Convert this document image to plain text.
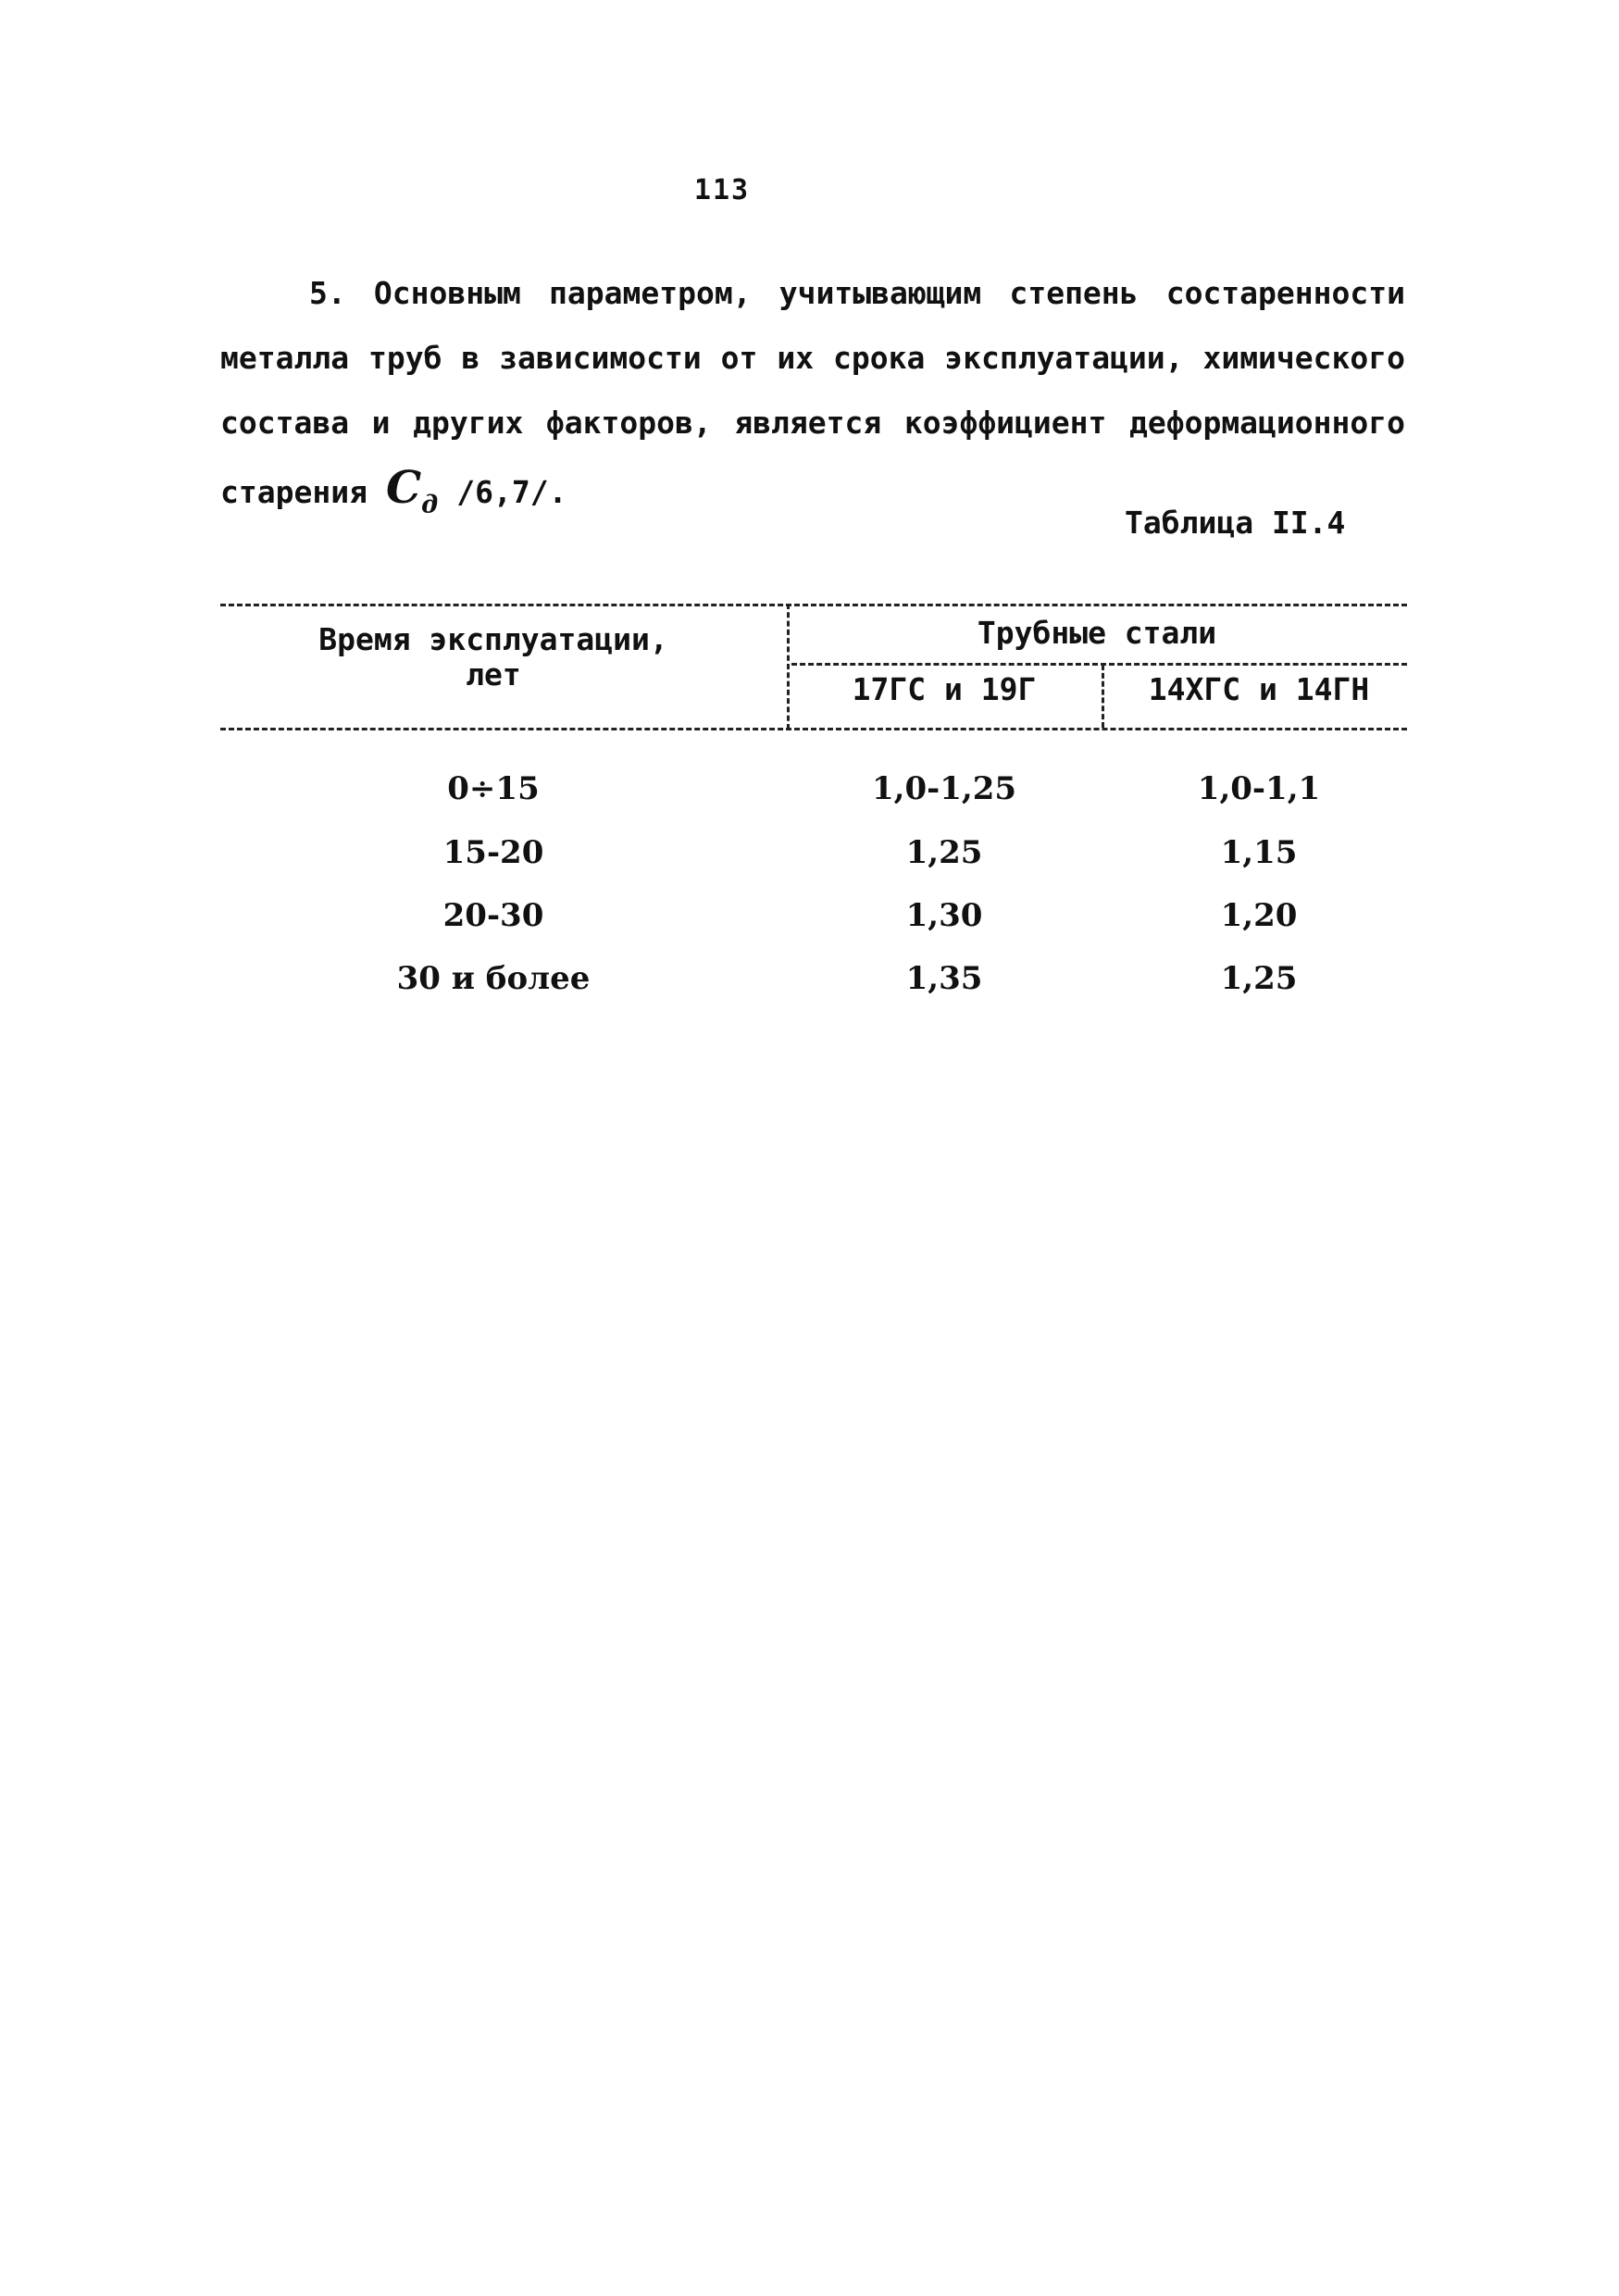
113
5. Основным параметром, учитывающим степень состаренности
металла труб в зависимости от их срока эксплуатации, химического
состава и других факторов, является коэффициент деформационного
старения $C_д$ /6,7/.
Таблица II.4
Время эксплуатации,
лет
Трубные стали
17ГС и 19Г	14ХГС и 14ГН
0÷15	1,0-1,25	1,0-1,1
15-20	1,25	1,15
20-30	1,30	1,20
30 и более	1,35	1,25
